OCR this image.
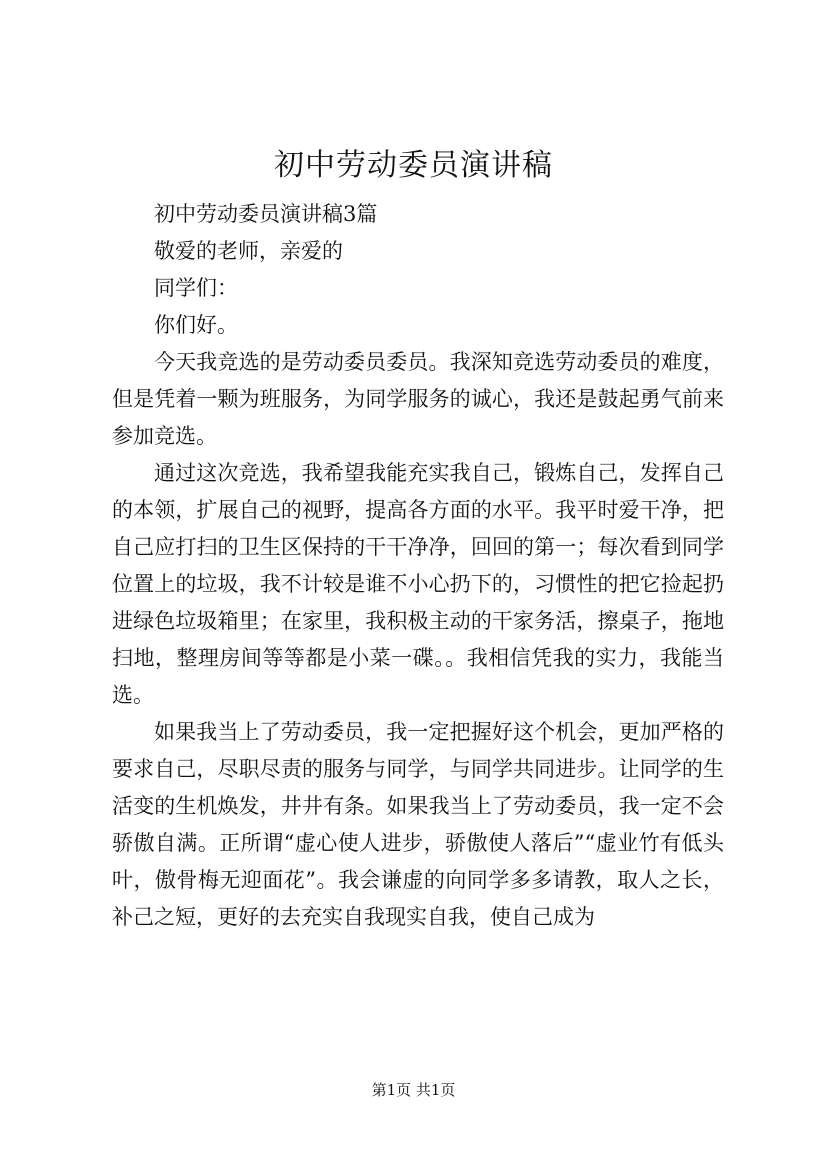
初中劳动委员演讲稿

初中劳动委员演讲稿3篇

敬爱的老师，亲爱的

同学们：

你们好。

今天我竞选的是劳动委员委员。我深知竞选劳动委员的难度，但是凭着一颗为班服务，为同学服务的诚心，我还是鼓起勇气前来参加竞选。

通过这次竞选，我希望我能充实我自己，锻炼自己，发挥自己的本领，扩展自己的视野，提高各方面的水平。我平时爱干净，把自己应打扫的卫生区保持的干干净净，回回的第一；每次看到同学位置上的垃圾，我不计较是谁不小心扔下的，习惯性的把它捡起扔进绿色垃圾箱里；在家里，我积极主动的干家务活，擦桌子，拖地扫地，整理房间等等都是小菜一碟。。我相信凭我的实力，我能当选。

如果我当上了劳动委员，我一定把握好这个机会，更加严格的要求自己，尽职尽责的服务与同学，与同学共同进步。让同学的生活变的生机焕发，井井有条。如果我当上了劳动委员，我一定不会骄傲自满。正所谓“虚心使人进步，骄傲使人落后”“虚业竹有低头叶，傲骨梅无迎面花”。我会谦虚的向同学多多请教，取人之长，补己之短，更好的去充实自我现实自我，使自己成为

第1页 共1页
